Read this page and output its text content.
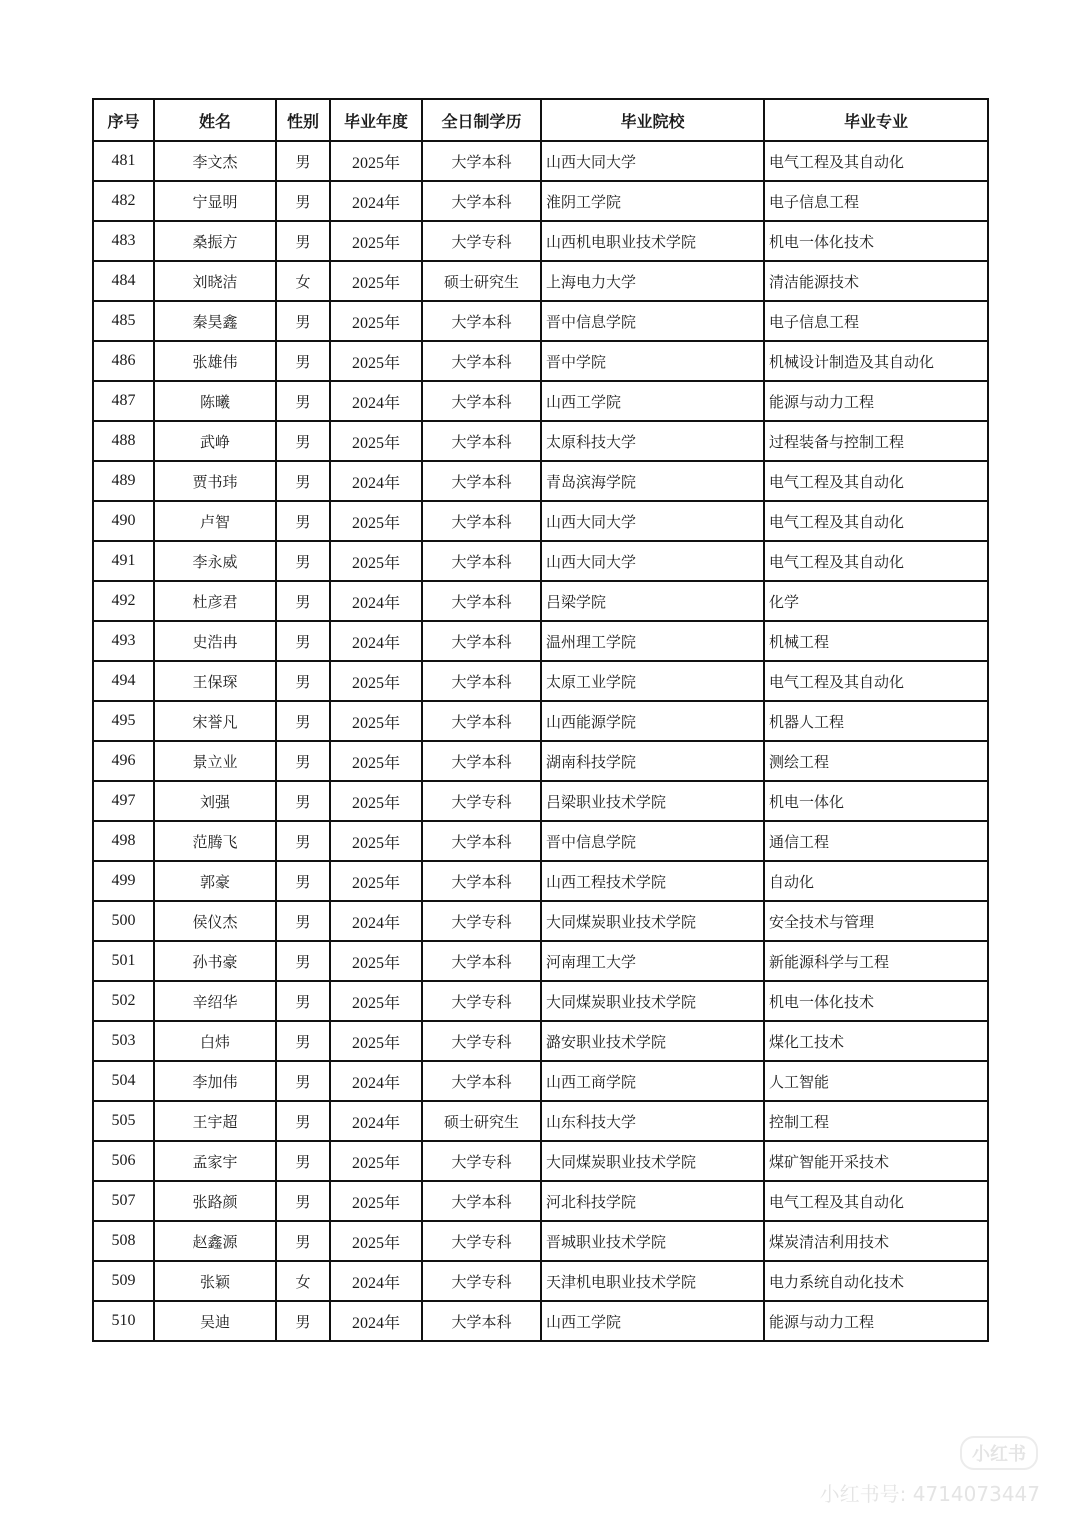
序号	姓名	性别	毕业年度	全日制学历	毕业院校	毕业专业
481	李文杰	男	2025年	大学本科	山西大同大学	电气工程及其自动化
482	宁显明	男	2024年	大学本科	淮阴工学院	电子信息工程
483	桑振方	男	2025年	大学专科	山西机电职业技术学院	机电一体化技术
484	刘晓洁	女	2025年	硕士研究生	上海电力大学	清洁能源技术
485	秦昊鑫	男	2025年	大学本科	晋中信息学院	电子信息工程
486	张雄伟	男	2025年	大学本科	晋中学院	机械设计制造及其自动化
487	陈曦	男	2024年	大学本科	山西工学院	能源与动力工程
488	武峥	男	2025年	大学本科	太原科技大学	过程装备与控制工程
489	贾书玮	男	2024年	大学本科	青岛滨海学院	电气工程及其自动化
490	卢智	男	2025年	大学本科	山西大同大学	电气工程及其自动化
491	李永威	男	2025年	大学本科	山西大同大学	电气工程及其自动化
492	杜彦君	男	2024年	大学本科	吕梁学院	化学
493	史浩冉	男	2024年	大学本科	温州理工学院	机械工程
494	王保琛	男	2025年	大学本科	太原工业学院	电气工程及其自动化
495	宋誉凡	男	2025年	大学本科	山西能源学院	机器人工程
496	景立业	男	2025年	大学本科	湖南科技学院	测绘工程
497	刘强	男	2025年	大学专科	吕梁职业技术学院	机电一体化
498	范腾飞	男	2025年	大学本科	晋中信息学院	通信工程
499	郭豪	男	2025年	大学本科	山西工程技术学院	自动化
500	侯仪杰	男	2024年	大学专科	大同煤炭职业技术学院	安全技术与管理
501	孙书豪	男	2025年	大学本科	河南理工大学	新能源科学与工程
502	辛绍华	男	2025年	大学专科	大同煤炭职业技术学院	机电一体化技术
503	白炜	男	2025年	大学专科	潞安职业技术学院	煤化工技术
504	李加伟	男	2024年	大学本科	山西工商学院	人工智能
505	王宇超	男	2024年	硕士研究生	山东科技大学	控制工程
506	孟家宇	男	2025年	大学专科	大同煤炭职业技术学院	煤矿智能开采技术
507	张路颜	男	2025年	大学本科	河北科技学院	电气工程及其自动化
508	赵鑫源	男	2025年	大学专科	晋城职业技术学院	煤炭清洁利用技术
509	张颖	女	2024年	大学专科	天津机电职业技术学院	电力系统自动化技术
510	吴迪	男	2024年	大学本科	山西工学院	能源与动力工程
小红书
小红书号: 4714073447
